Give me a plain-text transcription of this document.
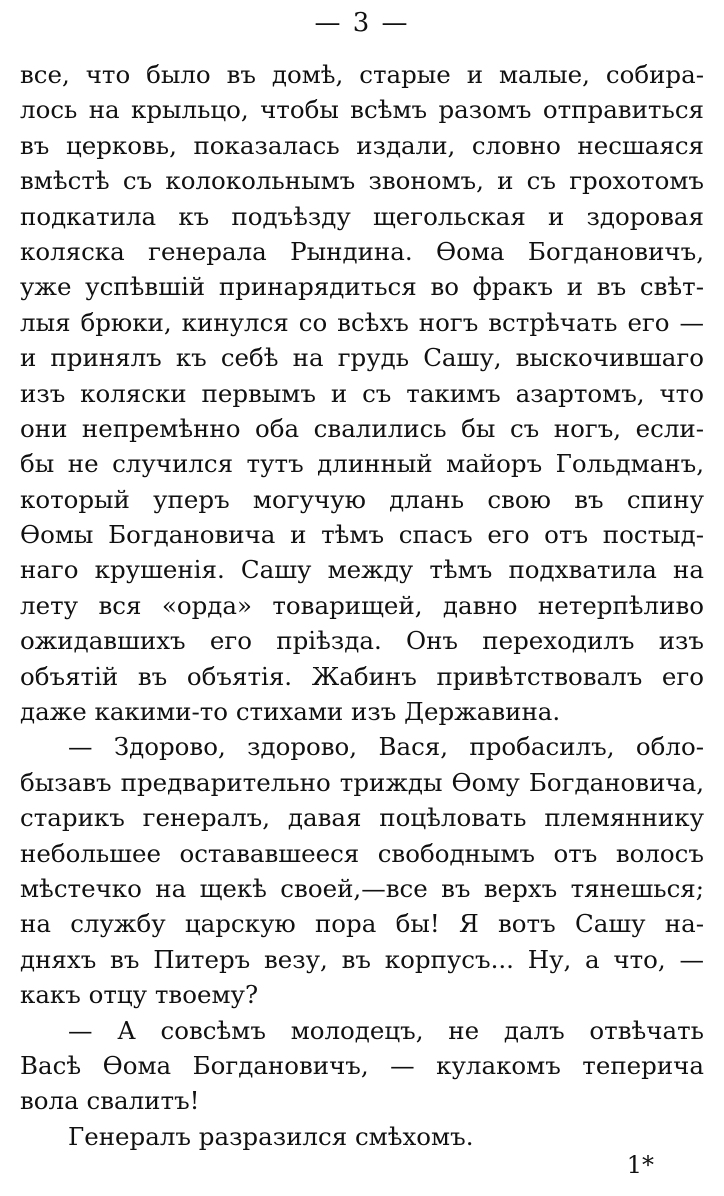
— 3 —
все, что было въ домѣ, старые и малые, собира-
лось на крыльцо, чтобы всѣмъ разомъ отправиться
въ церковь, показалась издали, словно несшаяся
вмѣстѣ съ колокольнымъ звономъ, и съ грохотомъ
подкатила къ подъѣзду щегольская и здоровая
коляска генерала Рындина. Ѳома Богдановичъ,
уже успѣвшій принарядиться во фракъ и въ свѣт-
лыя брюки, кинулся со всѣхъ ногъ встрѣчать его —
и принялъ къ себѣ на грудь Сашу, выскочившаго
изъ коляски первымъ и съ такимъ азартомъ, что
они непремѣнно оба свалились бы съ ногъ, если-
бы не случился тутъ длинный майоръ Гольдманъ,
который уперъ могучую длань свою въ спину
Ѳомы Богдановича и тѣмъ спасъ его отъ постыд-
наго крушенія. Сашу между тѣмъ подхватила на
лету вся «орда» товарищей, давно нетерпѣливо
ожидавшихъ его пріѣзда. Онъ переходилъ изъ
объятій въ объятія. Жабинъ привѣтствовалъ его
даже какими-то стихами изъ Державина.
— Здорово, здорово, Вася, пробасилъ, обло-
бызавъ предварительно трижды Ѳому Богдановича,
старикъ генералъ, давая поцѣловать племяннику
небольшее остававшееся свободнымъ отъ волосъ
мѣстечко на щекѣ своей,—все въ верхъ тянешься;
на службу царскую пора бы! Я вотъ Сашу на-
дняхъ въ Питеръ везу, въ корпусъ... Ну, а что, —
какъ отцу твоему?
— А совсѣмъ молодецъ, не далъ отвѣчать
Васѣ Ѳома Богдановичъ, — кулакомъ теперича
вола свалитъ!
Генералъ разразился смѣхомъ.
1*
